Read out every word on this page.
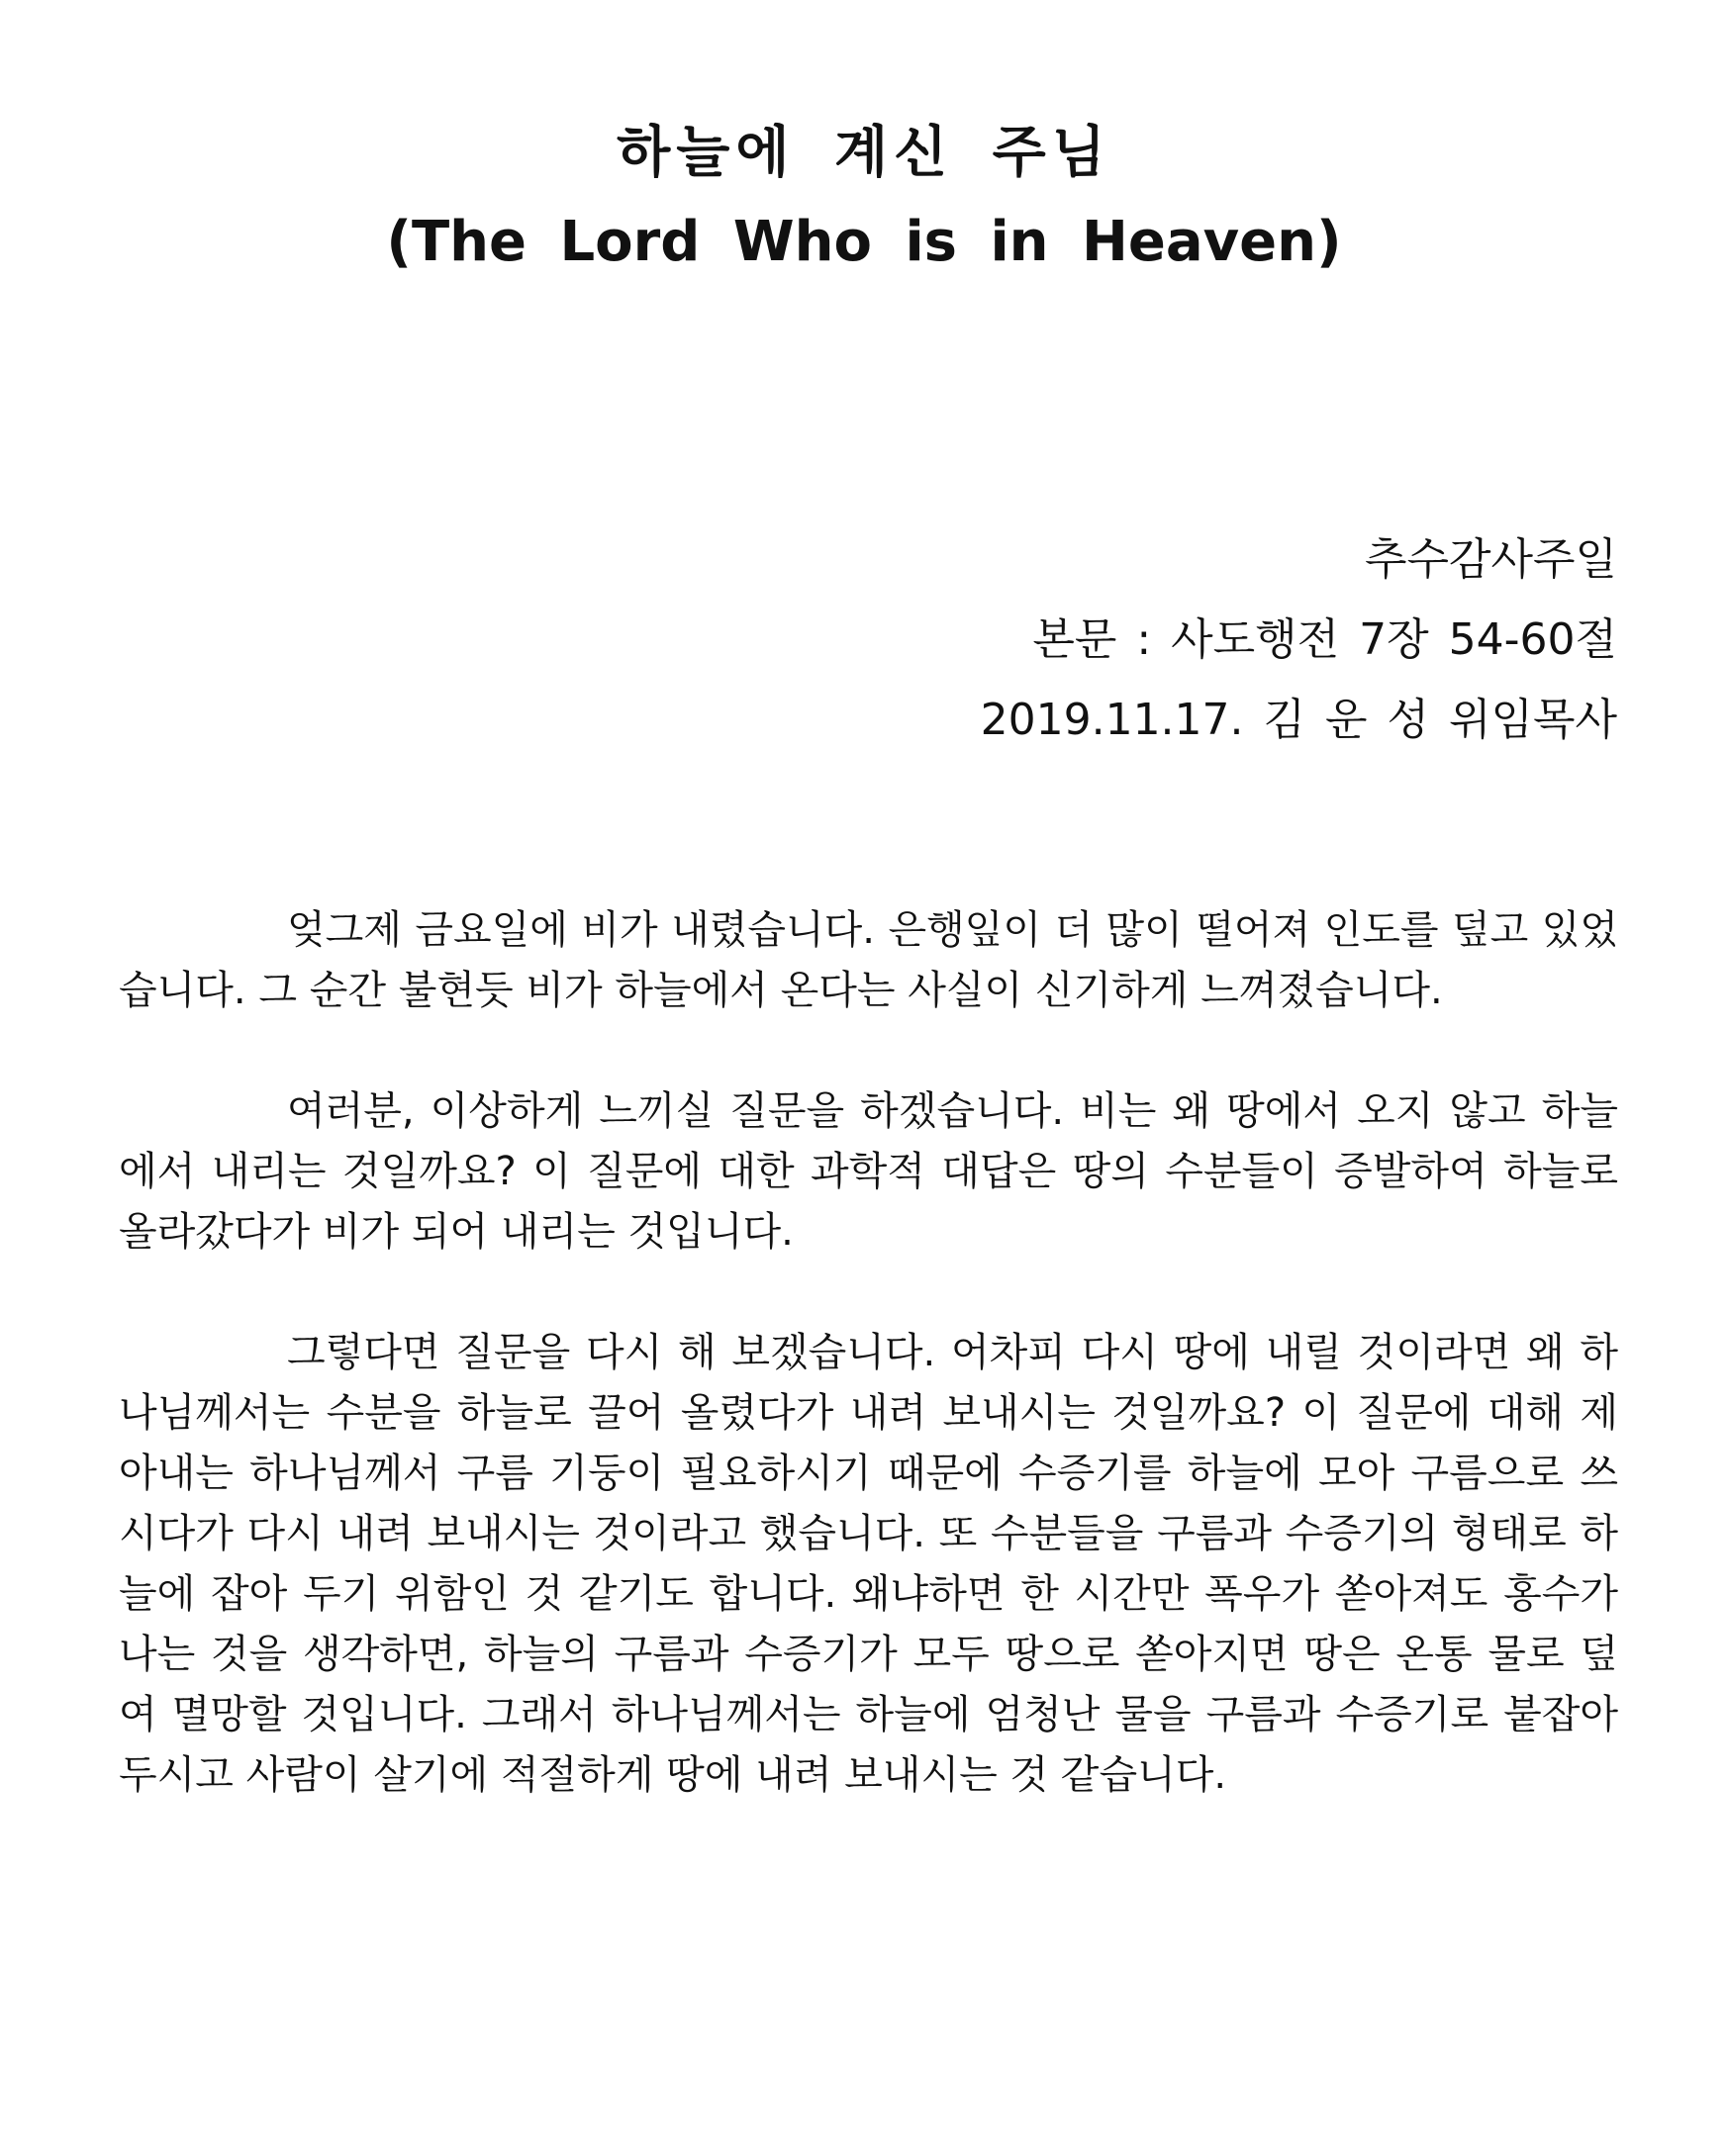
하늘에 계신 주님
(The Lord Who is in Heaven)
추수감사주일
본문 : 사도행전 7장 54-60절
2019.11.17. 김 운 성 위임목사

엊그제 금요일에 비가 내렸습니다. 은행잎이 더 많이 떨어져 인도를 덮고 있었습니다. 그 순간 불현듯 비가 하늘에서 온다는 사실이 신기하게 느껴졌습니다.

여러분, 이상하게 느끼실 질문을 하겠습니다. 비는 왜 땅에서 오지 않고 하늘에서 내리는 것일까요? 이 질문에 대한 과학적 대답은 땅의 수분들이 증발하여 하늘로 올라갔다가 비가 되어 내리는 것입니다.

그렇다면 질문을 다시 해 보겠습니다. 어차피 다시 땅에 내릴 것이라면 왜 하나님께서는 수분을 하늘로 끌어 올렸다가 내려 보내시는 것일까요? 이 질문에 대해 제 아내는 하나님께서 구름 기둥이 필요하시기 때문에 수증기를 하늘에 모아 구름으로 쓰시다가 다시 내려 보내시는 것이라고 했습니다. 또 수분들을 구름과 수증기의 형태로 하늘에 잡아 두기 위함인 것 같기도 합니다. 왜냐하면 한 시간만 폭우가 쏟아져도 홍수가 나는 것을 생각하면, 하늘의 구름과 수증기가 모두 땅으로 쏟아지면 땅은 온통 물로 덮여 멸망할 것입니다. 그래서 하나님께서는 하늘에 엄청난 물을 구름과 수증기로 붙잡아 두시고 사람이 살기에 적절하게 땅에 내려 보내시는 것 같습니다.
